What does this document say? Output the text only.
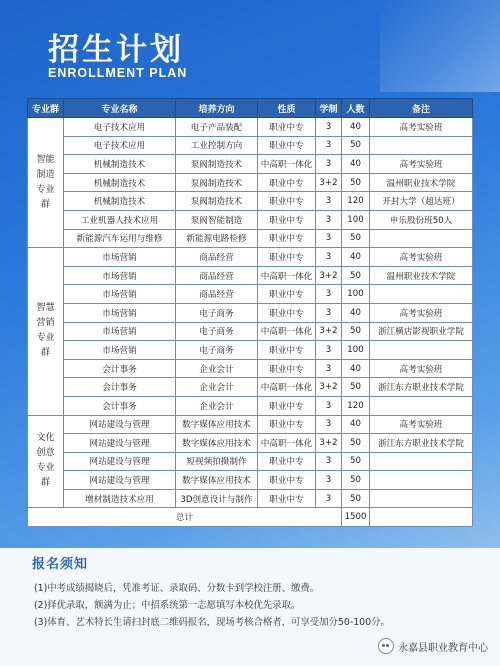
招生计划
ENROLLMENT PLAN
专业群	专业名称	培养方向	性质	学制	人数	备注
智能制造专业群	电子技术应用	电子产品装配	职业中专	3	40	高考实验班
	电子技术应用	工业控制方向	职业中专	3	50	
	机械制造技术	泵阀制造技术	中高职一体化	3	40	高考实验班
	机械制造技术	泵阀制造技术	职业中专	3+2	50	温州职业技术学院
	机械制造技术	泵阀制造技术	职业中专	3	120	开封大学（超达班）
	工业机器人技术应用	泵阀智能制造	职业中专	3	100	申乐股份班50人
	新能源汽车运用与维修	新能源电路检修	职业中专	3	50	
智慧营销专业群	市场营销	商品经营	职业中专	3	40	高考实验班
	市场营销	商品经营	中高职一体化	3+2	50	温州职业技术学院
	市场营销	商品经营	职业中专	3	100	
	市场营销	电子商务	职业中专	3	40	高考实验班
	市场营销	电子商务	中高职一体化	3+2	50	浙江横店影视职业学院
	市场营销	电子商务	职业中专	3	100	
	会计事务	企业会计	职业中专	3	40	高考实验班
	会计事务	企业会计	中高职一体化	3+2	50	浙江东方职业技术学院
	会计事务	企业会计	职业中专	3	120	
文化创意专业群	网站建设与管理	数字媒体应用技术	职业中专	3	40	高考实验班
	网站建设与管理	数字媒体应用技术	中高职一体化	3+2	50	浙江东方职业技术学院
	网站建设与管理	短视频拍摄制作	职业中专	3	50	
	网站建设与管理	数字媒体应用技术	职业中专	3	50	
	增材制造技术应用	3D创意设计与制作	职业中专	3	50	
总计					1500	
报名须知
(1)中考成绩揭晓后，凭准考证、录取码、分数卡到学校注册、缴费。
(2)择优录取，额满为止；中招系统第一志愿填写本校优先录取。
(3)体育、艺术特长生请扫封底二维码报名，现场考核合格者，可享受加分50-100分。
永嘉县职业教育中心
